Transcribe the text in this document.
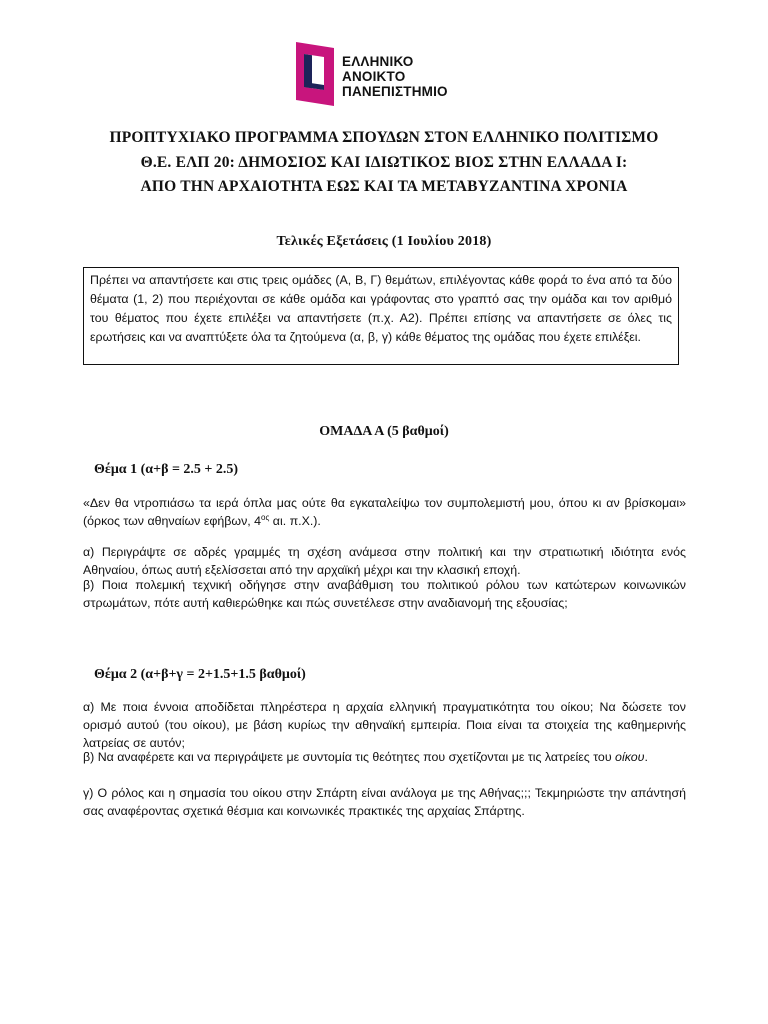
ΕΛΛΗΝΙΚΟ
ΑΝΟΙΚΤΟ
ΠΑΝΕΠΙΣΤΗΜΙΟ
ΠΡΟΠΤΥΧΙΑΚΟ ΠΡΟΓΡΑΜΜΑ ΣΠΟΥΔΩΝ ΣΤΟΝ ΕΛΛΗΝΙΚΟ ΠΟΛΙΤΙΣΜΟ
Θ.Ε. ΕΛΠ 20: ΔΗΜΟΣΙΟΣ ΚΑΙ ΙΔΙΩΤΙΚΟΣ ΒΙΟΣ ΣΤΗΝ ΕΛΛΑΔΑ Ι:
ΑΠΟ ΤΗΝ ΑΡΧΑΙΟΤΗΤΑ ΕΩΣ ΚΑΙ ΤΑ ΜΕΤΑΒΥΖΑΝΤΙΝΑ ΧΡΟΝΙΑ
Τελικές Εξετάσεις (1 Ιουλίου 2018)

Πρέπει να απαντήσετε και στις τρεις ομάδες (Α, Β, Γ) θεμάτων, επιλέγοντας κάθε φορά το ένα από τα δύο θέματα (1, 2) που περιέχονται σε κάθε ομάδα και γράφοντας στο γραπτό σας την ομάδα και τον αριθμό του θέματος που έχετε επιλέξει να απαντήσετε (π.χ. Α2). Πρέπει επίσης να απαντήσετε σε όλες τις ερωτήσεις και να αναπτύξετε όλα τα ζητούμενα (α, β, γ) κάθε θέματος της ομάδας που έχετε επιλέξει.

ΟΜΑΔΑ Α (5 βαθμοί)
Θέμα 1 (α+β = 2.5 + 2.5)

«Δεν θα ντροπιάσω τα ιερά όπλα μας ούτε θα εγκαταλείψω τον συμπολεμιστή μου, όπου κι αν βρίσκομαι» (όρκος των αθηναίων εφήβων, $4^{o\varsigma}$ αι. π.Χ.).

α) Περιγράψτε σε αδρές γραμμές τη σχέση ανάμεσα στην πολιτική και την στρατιωτική ιδιότητα ενός Αθηναίου, όπως αυτή εξελίσσεται από την αρχαϊκή μέχρι και την κλασική εποχή.

β) Ποια πολεμική τεχνική οδήγησε στην αναβάθμιση του πολιτικού ρόλου των κατώτερων κοινωνικών στρωμάτων, πότε αυτή καθιερώθηκε και πώς συνετέλεσε στην αναδιανομή της εξουσίας;

Θέμα 2 (α+β+γ = 2+1.5+1.5 βαθμοί)

α) Με ποια έννοια αποδίδεται πληρέστερα η αρχαία ελληνική πραγματικότητα του οίκου; Να δώσετε τον ορισμό αυτού (του οίκου), με βάση κυρίως την αθηναϊκή εμπειρία. Ποια είναι τα στοιχεία της καθημερινής λατρείας σε αυτόν;

β) Να αναφέρετε και να περιγράψετε με συντομία τις θεότητες που σχετίζονται με τις λατρείες του οίκου.

γ) Ο ρόλος και η σημασία του οίκου στην Σπάρτη είναι ανάλογα με της Αθήνας;;; Τεκμηριώστε την απάντησή σας αναφέροντας σχετικά θέσμια και κοινωνικές πρακτικές της αρχαίας Σπάρτης.
